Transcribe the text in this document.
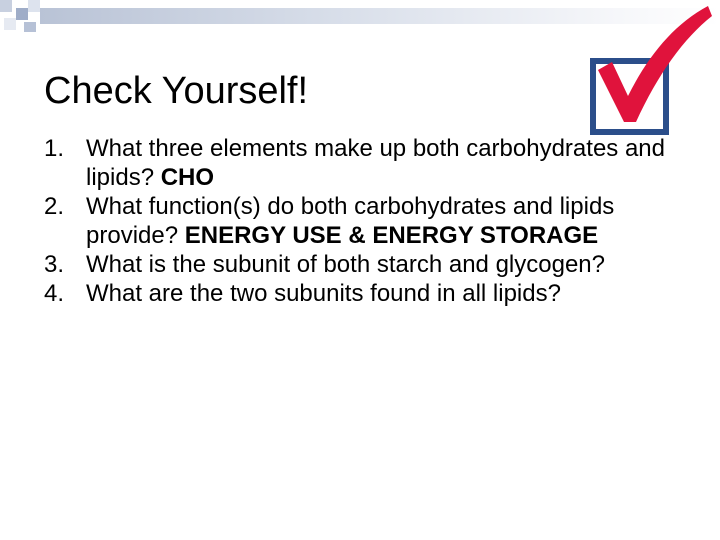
Check Yourself!
1. What three elements make up both carbohydrates and lipids? CHO
2. What function(s) do both carbohydrates and lipids provide? ENERGY USE & ENERGY STORAGE
3. What is the subunit of both starch and glycogen?
4. What are the two subunits found in all lipids?
